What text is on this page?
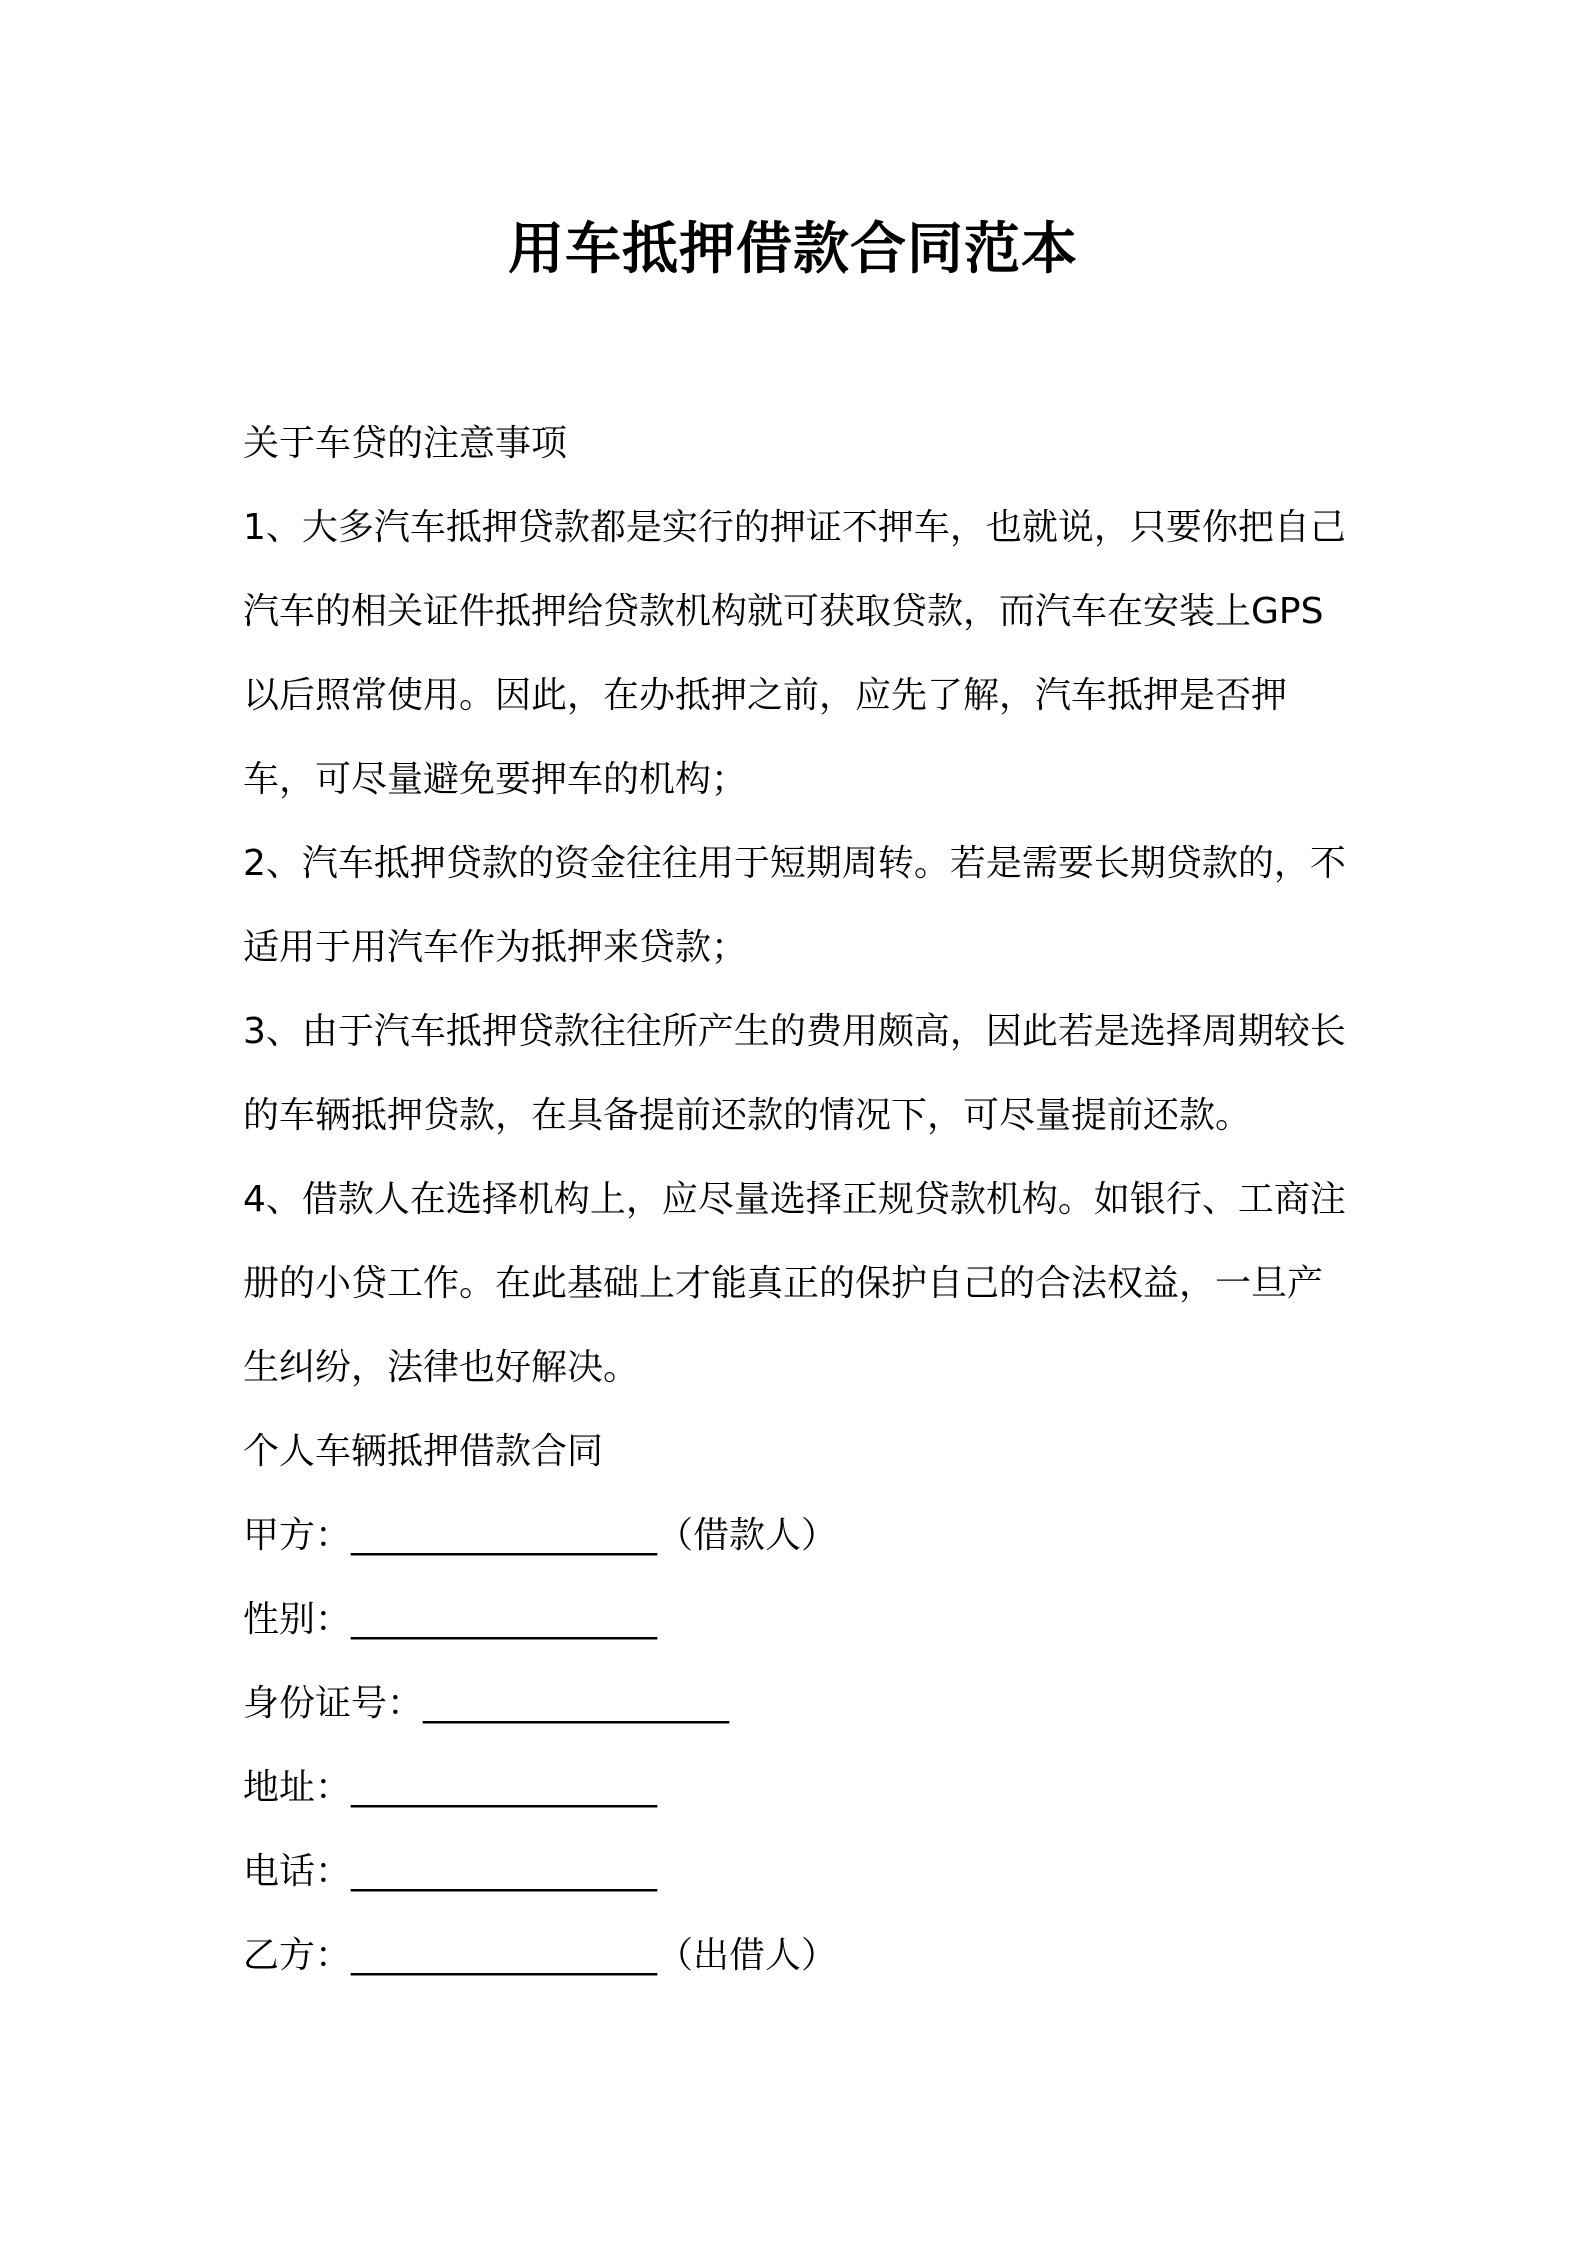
用车抵押借款合同范本

关于车贷的注意事项

1、大多汽车抵押贷款都是实行的押证不押车，也就说，只要你把自己汽车的相关证件抵押给贷款机构就可获取贷款，而汽车在安装上GPS 以后照常使用。因此，在办抵押之前，应先了解，汽车抵押是否押车，可尽量避免要押车的机构；

2、汽车抵押贷款的资金往往用于短期周转。若是需要长期贷款的，不适用于用汽车作为抵押来贷款；

3、由于汽车抵押贷款往往所产生的费用颇高，因此若是选择周期较长的车辆抵押贷款，在具备提前还款的情况下，可尽量提前还款。

4、借款人在选择机构上，应尽量选择正规贷款机构。如银行、工商注册的小贷工作。在此基础上才能真正的保护自己的合法权益，一旦产生纠纷，法律也好解决。

个人车辆抵押借款合同

甲方：_________________（借款人）

性别：_________________

身份证号：_________________

地址：_________________

电话：_________________

乙方：_________________（出借人）
